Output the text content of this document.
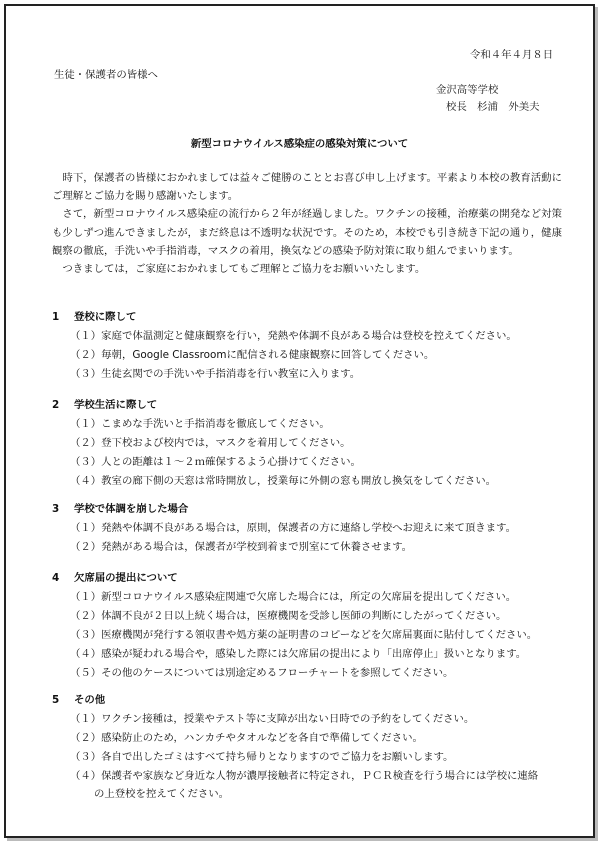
令和４年４月８日
生徒・保護者の皆様へ
金沢高等学校
校長　杉浦　外美夫
新型コロナウイルス感染症の感染対策について

時下，保護者の皆様におかれましては益々ご健勝のこととお喜び申し上げます。平素より本校の教育活動にご理解とご協力を賜り感謝いたします。

さて，新型コロナウイルス感染症の流行から２年が経過しました。ワクチンの接種，治療薬の開発など対策も少しずつ進んできましたが，まだ終息は不透明な状況です。そのため，本校でも引き続き下記の通り，健康観察の徹底，手洗いや手指消毒，マスクの着用，換気などの感染予防対策に取り組んでまいります。

つきましては，ご家庭におかれましてもご理解とご協力をお願いいたします。

1 登校に際して
（１）家庭で体温測定と健康観察を行い，発熱や体調不良がある場合は登校を控えてください。
（２）毎朝，Google Classroomに配信される健康観察に回答してください。
（３）生徒玄関での手洗いや手指消毒を行い教室に入ります。
2 学校生活に際して
（１）こまめな手洗いと手指消毒を徹底してください。
（２）登下校および校内では，マスクを着用してください。
（３）人との距離は１～２ｍ確保するよう心掛けてください。
（４）教室の廊下側の天窓は常時開放し，授業毎に外側の窓も開放し換気をしてください。
3 学校で体調を崩した場合
（１）発熱や体調不良がある場合は，原則，保護者の方に連絡し学校へお迎えに来て頂きます。
（２）発熱がある場合は，保護者が学校到着まで別室にて休養させます。
4 欠席届の提出について
（１）新型コロナウイルス感染症関連で欠席した場合には，所定の欠席届を提出してください。
（２）体調不良が２日以上続く場合は，医療機関を受診し医師の判断にしたがってください。
（３）医療機関が発行する領収書や処方薬の証明書のコピーなどを欠席届裏面に貼付してください。
（４）感染が疑われる場合や，感染した際には欠席届の提出により「出席停止」扱いとなります。
（５）その他のケースについては別途定めるフローチャートを参照してください。
5 その他
（１）ワクチン接種は，授業やテスト等に支障が出ない日時での予約をしてください。
（２）感染防止のため，ハンカチやタオルなどを各自で準備してください。
（３）各自で出したゴミはすべて持ち帰りとなりますのでご協力をお願いします。
（４）保護者や家族など身近な人物が濃厚接触者に特定され，ＰＣＲ検査を行う場合には学校に連絡
の上登校を控えてください。
